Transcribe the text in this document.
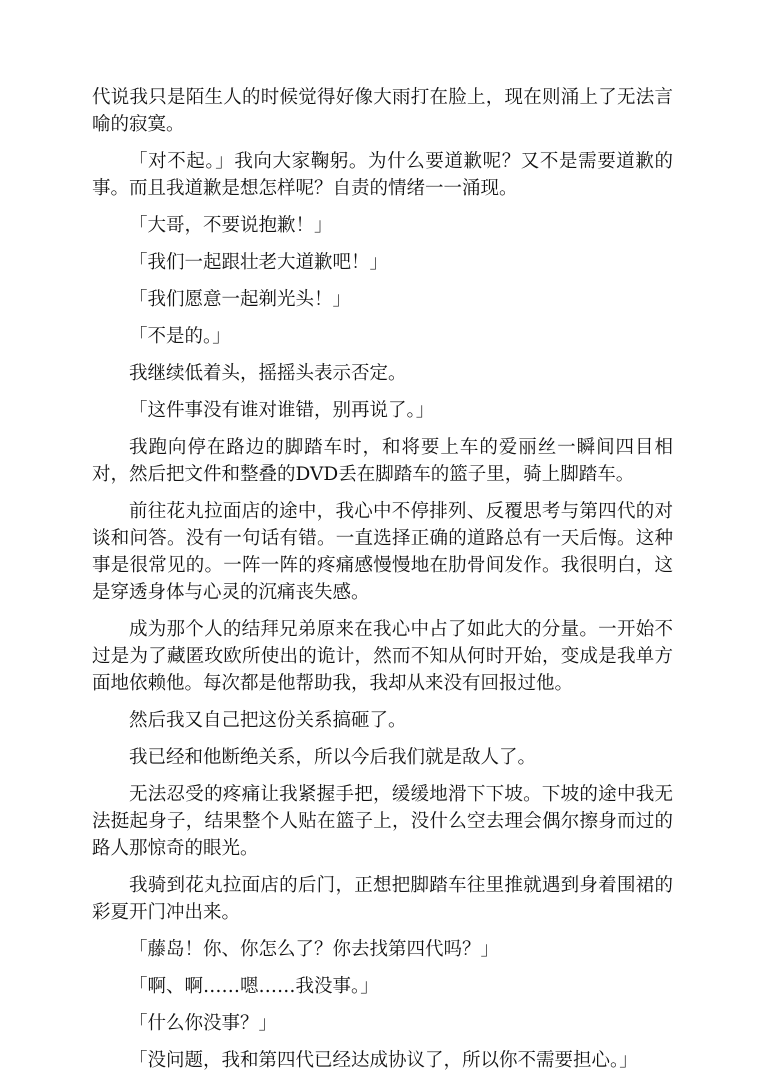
代说我只是陌生人的时候觉得好像大雨打在脸上，现在则涌上了无法言喻的寂寞。

「对不起。」我向大家鞠躬。为什么要道歉呢？又不是需要道歉的事。而且我道歉是想怎样呢？自责的情绪一一涌现。

「大哥，不要说抱歉！」

「我们一起跟壮老大道歉吧！」

「我们愿意一起剃光头！」

「不是的。」

我继续低着头，摇摇头表示否定。

「这件事没有谁对谁错，别再说了。」

我跑向停在路边的脚踏车时，和将要上车的爱丽丝一瞬间四目相对，然后把文件和整叠的DVD丢在脚踏车的篮子里，骑上脚踏车。

前往花丸拉面店的途中，我心中不停排列、反覆思考与第四代的对谈和问答。没有一句话有错。一直选择正确的道路总有一天后悔。这种事是很常见的。一阵一阵的疼痛感慢慢地在肋骨间发作。我很明白，这是穿透身体与心灵的沉痛丧失感。

成为那个人的结拜兄弟原来在我心中占了如此大的分量。一开始不过是为了藏匿玫欧所使出的诡计，然而不知从何时开始，变成是我单方面地依赖他。每次都是他帮助我，我却从来没有回报过他。

然后我又自己把这份关系搞砸了。

我已经和他断绝关系，所以今后我们就是敌人了。

无法忍受的疼痛让我紧握手把，缓缓地滑下下坡。下坡的途中我无法挺起身子，结果整个人贴在篮子上，没什么空去理会偶尔擦身而过的路人那惊奇的眼光。

我骑到花丸拉面店的后门，正想把脚踏车往里推就遇到身着围裙的彩夏开门冲出来。

「藤岛！你、你怎么了？你去找第四代吗？」

「啊、啊……嗯……我没事。」

「什么你没事？」

「没问题，我和第四代已经达成协议了，所以你不需要担心。」
